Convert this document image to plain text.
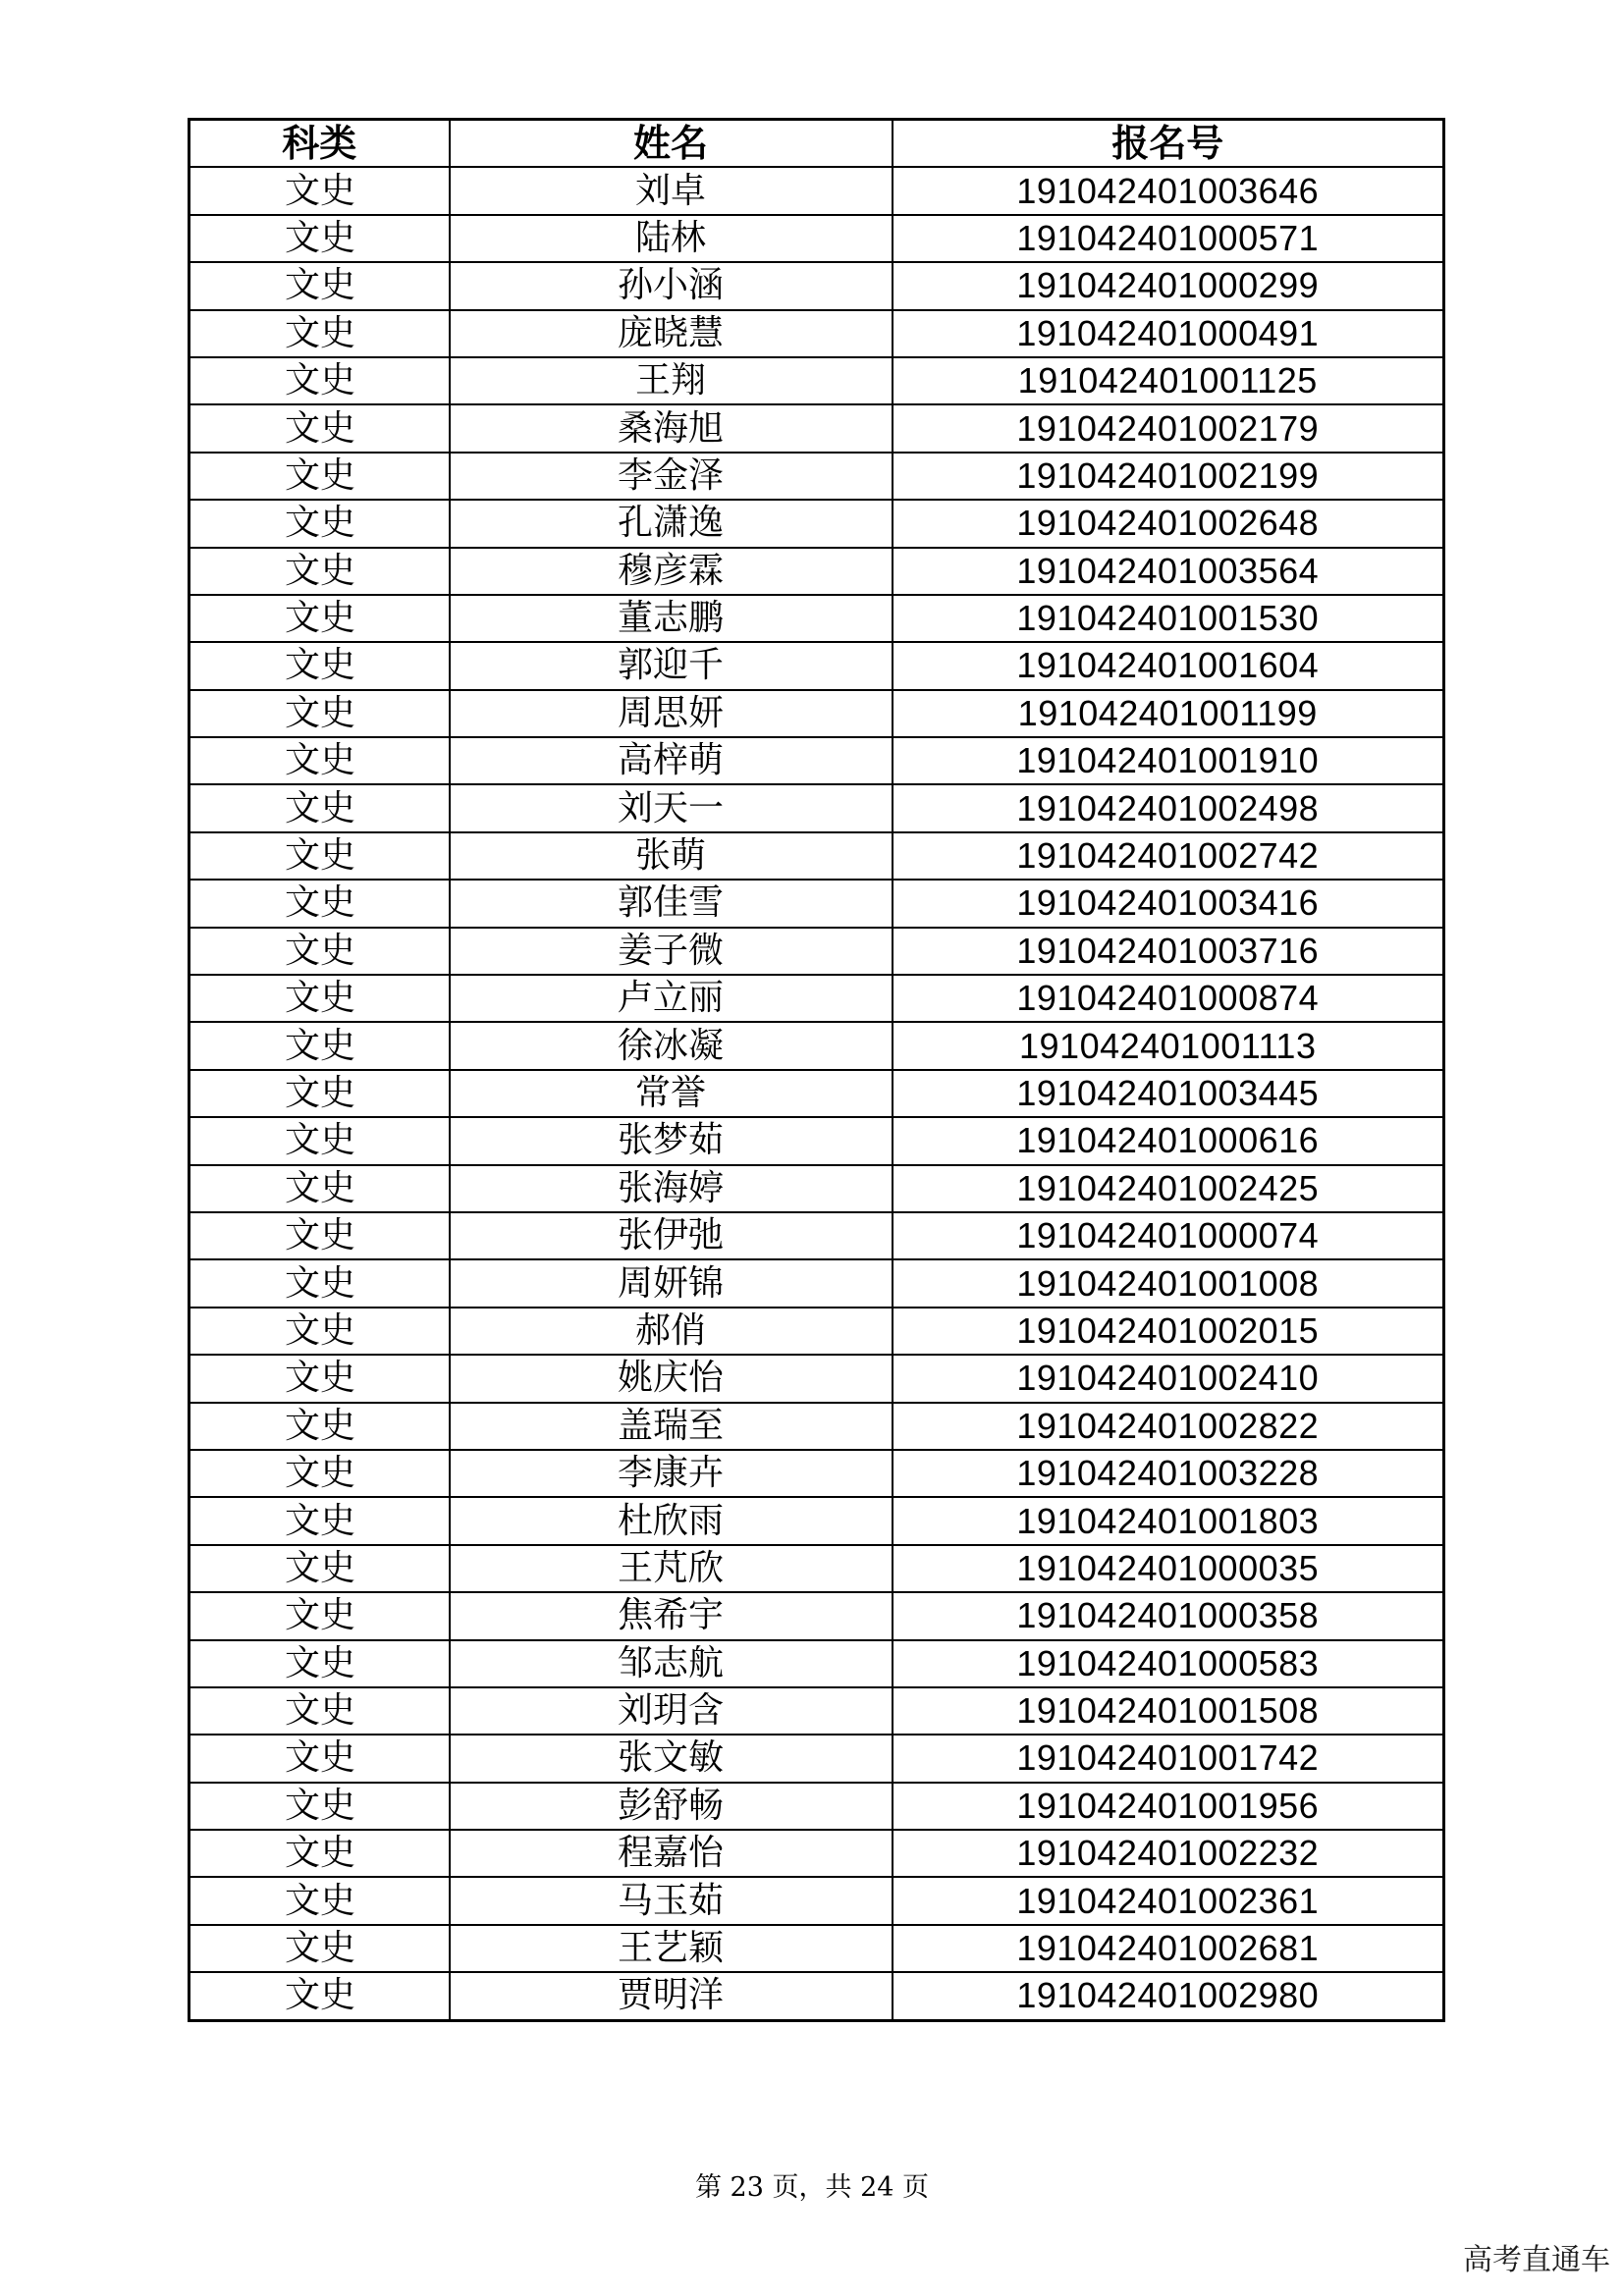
科类	姓名	报名号
文史	刘卓	191042401003646
文史	陆林	191042401000571
文史	孙小涵	191042401000299
文史	庞晓慧	191042401000491
文史	王翔	191042401001125
文史	桑海旭	191042401002179
文史	李金泽	191042401002199
文史	孔潇逸	191042401002648
文史	穆彦霖	191042401003564
文史	董志鹏	191042401001530
文史	郭迎千	191042401001604
文史	周思妍	191042401001199
文史	高梓萌	191042401001910
文史	刘天一	191042401002498
文史	张萌	191042401002742
文史	郭佳雪	191042401003416
文史	姜子微	191042401003716
文史	卢立丽	191042401000874
文史	徐冰凝	191042401001113
文史	常誉	191042401003445
文史	张梦茹	191042401000616
文史	张海婷	191042401002425
文史	张伊弛	191042401000074
文史	周妍锦	191042401001008
文史	郝俏	191042401002015
文史	姚庆怡	191042401002410
文史	盖瑞至	191042401002822
文史	李康卉	191042401003228
文史	杜欣雨	191042401001803
文史	王芃欣	191042401000035
文史	焦希宇	191042401000358
文史	邹志航	191042401000583
文史	刘玥含	191042401001508
文史	张文敏	191042401001742
文史	彭舒畅	191042401001956
文史	程嘉怡	191042401002232
文史	马玉茹	191042401002361
文史	王艺颖	191042401002681
文史	贾明洋	191042401002980
第 23 页，共 24 页
高考直通车
